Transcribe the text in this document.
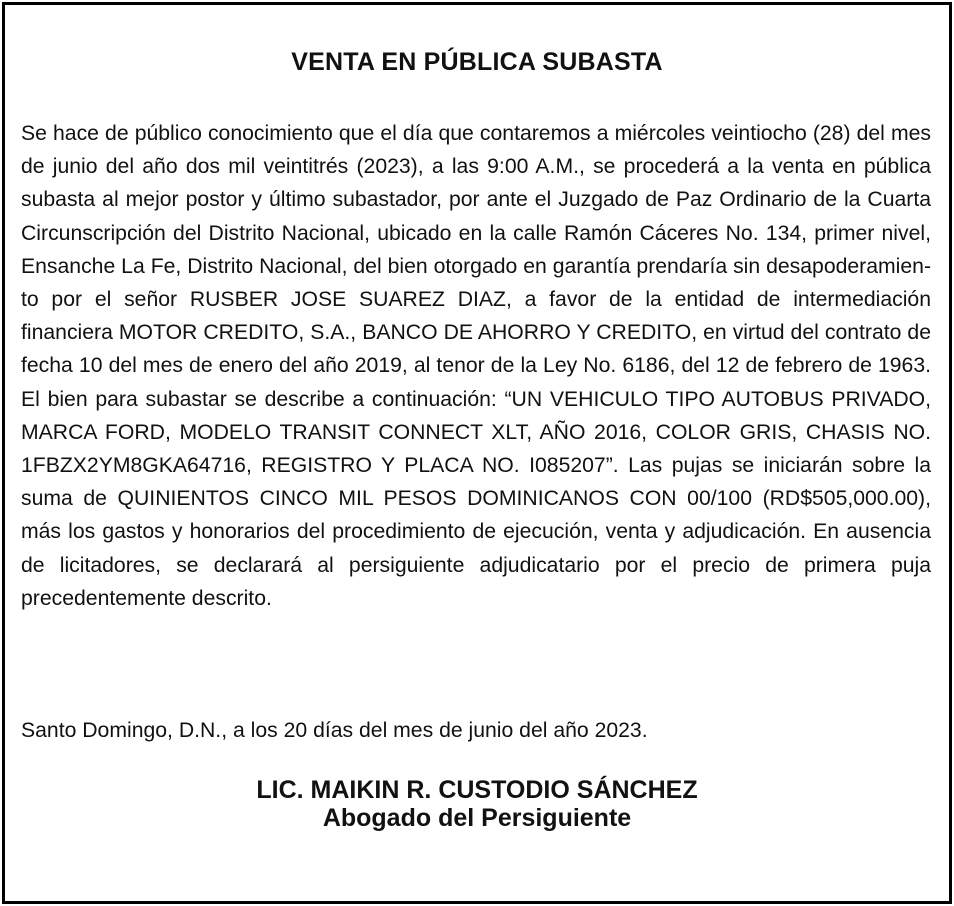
VENTA EN PÚBLICA SUBASTA

Se hace de público conocimiento que el día que contaremos a miércoles veintiocho (28) del mes de junio del año dos mil veintitrés (2023), a las 9:00 A.M., se procederá a la venta en pública subasta al mejor postor y último subastador, por ante el Juzgado de Paz Ordinario de la Cuarta Circunscripción del Distrito Nacional, ubicado en la calle Ramón Cáceres No. 134, primer nivel, Ensanche La Fe, Distrito Nacional, del bien otorgado en garantía prendaría sin desapoderamiento por el señor RUSBER JOSE SUAREZ DIAZ, a favor de la entidad de intermediación financiera MOTOR CREDITO, S.A., BANCO DE AHORRO Y CREDITO, en virtud del contrato de fecha 10 del mes de enero del año 2019, al tenor de la Ley No. 6186, del 12 de febrero de 1963. El bien para subastar se describe a continuación: “UN VEHICULO TIPO AUTOBUS PRIVADO, MARCA FORD, MODELO TRANSIT CONNECT XLT, AÑO 2016, COLOR GRIS, CHASIS NO. 1FBZX2YM8GKA64716, REGISTRO Y PLACA NO. I085207”. Las pujas se iniciarán sobre la suma de QUINIENTOS CINCO MIL PESOS DOMINICANOS CON 00/100 (RD$505,000.00), más los gastos y honorarios del procedimiento de ejecución, venta y adjudicación. En ausencia de licitadores, se declarará al persiguiente adjudicatario por el precio de primera puja precedentemente descrito.

Santo Domingo, D.N., a los 20 días del mes de junio del año 2023.

LIC. MAIKIN R. CUSTODIO SÁNCHEZ
Abogado del Persiguiente
